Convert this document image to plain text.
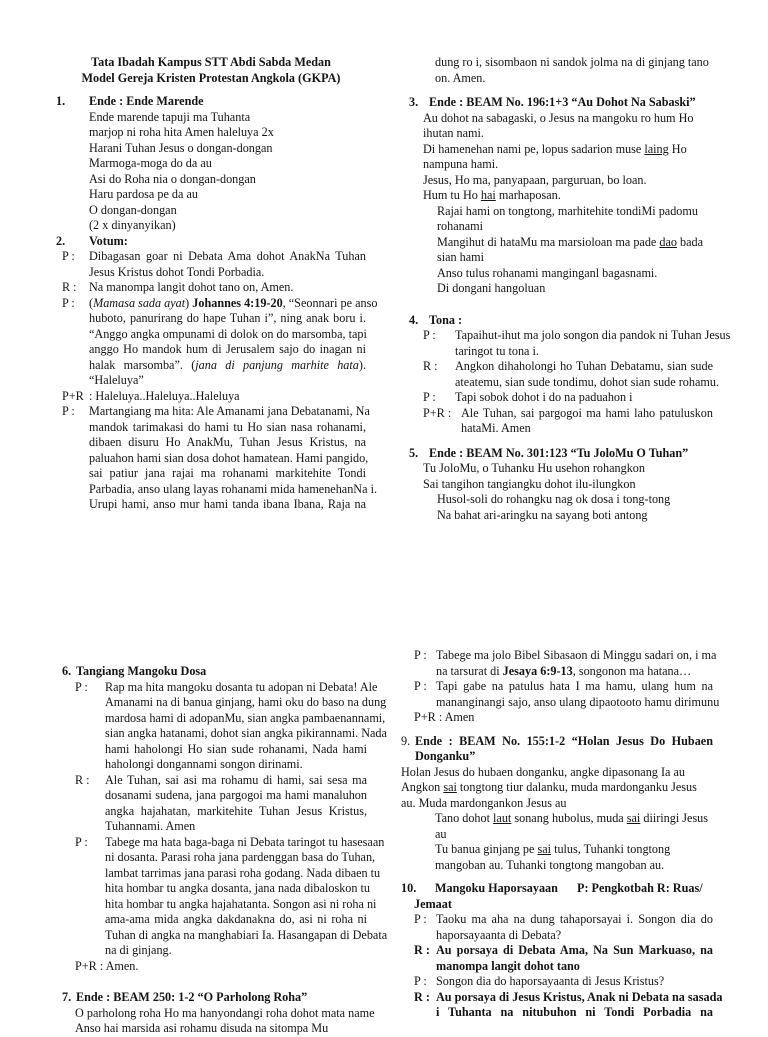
Tata Ibadah Kampus STT Abdi Sabda Medan
Model Gereja Kristen Protestan Angkola (GKPA)
1.	Ende : Ende Marende
Ende marende tapuji ma Tuhanta
marjop ni roha hita Amen haleluya 2x
Harani Tuhan Jesus o dongan-dongan
Marmoga-moga do da au
Asi do Roha nia o dongan-dongan
Haru pardosa pe da au
O dongan-dongan
(2 x dinyanyikan)
2.	Votum:
P :	Dibagasan goar ni Debata Ama dohot AnakNa Tuhan
Jesus Kristus dohot Tondi Porbadia.
R :	Na manompa langit dohot tano on, Amen.
P :	(Mamasa sada ayat) Johannes 4:19-20, “Seonnari pe anso
huboto, panurirang do hape Tuhan i”, ning anak boru i.
“Anggo angka ompunami di dolok on do marsomba, tapi
anggo Ho mandok hum di Jerusalem sajo do inagan ni
halak marsomba”. (jana di panjung marhite hata).
“Haleluya”
P+R : Haleluya..Haleluya..Haleluya
P :	Martangiang ma hita: Ale Amanami jana Debatanami, Na
mandok tarimakasi do hami tu Ho sian nasa rohanami,
dibaen disuru Ho AnakMu, Tuhan Jesus Kristus, na
paluahon hami sian dosa dohot hamatean. Hami pangido,
sai patiur jana rajai ma rohanami markitehite Tondi
Parbadia, anso ulang layas rohanami mida hamenehanNa i.
Urupi hami, anso mur hami tanda ibana Ibana, Raja na
dung ro i, sisombaon ni sandok jolma na di ginjang tano
on. Amen.
3. Ende : BEAM No. 196:1+3 “Au Dohot Na Sabaski”
Au dohot na sabagaski, o Jesus na mangoku ro hum Ho
ihutan nami.
Di hamenehan nami pe, lopus sadarion muse laing Ho
nampuna hami.
Jesus, Ho ma, panyapaan, parguruan, bo loan.
Hum tu Ho hai marhaposan.
Rajai hami on tongtong, marhitehite tondiMi padomu
rohanami
Mangihut di hataMu ma marsioloan ma pade dao bada
sian hami
Anso tulus rohanami manginganl bagasnami.
Di dongani hangoluan
4. Tona :
P :	Tapaihut-ihut ma jolo songon dia pandok ni Tuhan Jesus
taringot tu tona i.
R :	Angkon dihaholongi ho Tuhan Debatamu, sian sude
ateatemu, sian sude tondimu, dohot sian sude rohamu.
P :	Tapi sobok dohot i do na paduahon i
P+R : Ale Tuhan, sai pargogoi ma hami laho patuluskon
hataMi. Amen
5. Ende : BEAM No. 301:123 “Tu JoloMu O Tuhan”
Tu JoloMu, o Tuhanku Hu usehon rohangkon
Sai tangihon tangiangku dohot ilu-ilungkon
Husol-soli do rohangku nag ok dosa i tong-tong
Na bahat ari-aringku na sayang boti antong
6. Tangiang Mangoku Dosa
P :	Rap ma hita mangoku dosanta tu adopan ni Debata! Ale
Amanami na di banua ginjang, hami oku do baso na dung
mardosa hami di adopanMu, sian angka pambaenannami,
sian angka hatanami, dohot sian angka pikirannami. Nada
hami haholongi Ho sian sude rohanami, Nada hami
haholongi dongannami songon dirinami.
R :	Ale Tuhan, sai asi ma rohamu di hami, sai sesa ma
dosanami sudena, jana pargogoi ma hami manaluhon
angka hajahatan, markitehite Tuhan Jesus Kristus,
Tuhannami. Amen
P :	Tabege ma hata baga-baga ni Debata taringot tu hasesaan
ni dosanta. Parasi roha jana pardenggan basa do Tuhan,
lambat tarrimas jana parasi roha godang. Nada dibaen tu
hita hombar tu angka dosanta, jana nada dibaloskon tu
hita hombar tu angka hajahatanta. Songon asi ni roha ni
ama-ama mida angka dakdanakna do, asi ni roha ni
Tuhan di angka na manghabiari Ia. Hasangapan di Debata
na di ginjang.
P+R : Amen.
7. Ende : BEAM 250: 1-2 “O Parholong Roha”
O parholong roha Ho ma hanyondangi roha dohot mata name
Anso hai marsida asi rohamu disuda na sitompa Mu
P : Tabege ma jolo Bibel Sibasaon di Minggu sadari on, i ma
na tarsurat di Jesaya 6:9-13, songonon ma hatana…
P : Tapi gabe na patulus hata I ma hamu, ulang hum na
mananginangi sajo, anso ulang dipaotooto hamu dirimunu
P+R : Amen
9. Ende : BEAM No. 155:1-2 “Holan Jesus Do Hubaen
Donganku”
Holan Jesus do hubaen donganku, angke dipasonang Ia au
Angkon sai tongtong tiur dalanku, muda mardonganku Jesus
au. Muda mardongankon Jesus au
Tano dohot laut sonang hubolus, muda sai diiringi Jesus
au
Tu banua ginjang pe sai tulus, Tuhanki tongtong
mangoban au. Tuhanki tongtong mangoban au.
10.	Mangoku Haporsayaan	P: Pengkotbah R: Ruas/
Jemaat
P : Taoku ma aha na dung tahaporsayai i. Songon dia do
haporsayaanta di Debata?
R : Au porsaya di Debata Ama, Na Sun Markuaso, na
manompa langit dohot tano
P : Songon dia do haporsayaanta di Jesus Kristus?
R : Au porsaya di Jesus Kristus, Anak ni Debata na sasada
i Tuhanta na nitubuhon ni Tondi Porbadia na
